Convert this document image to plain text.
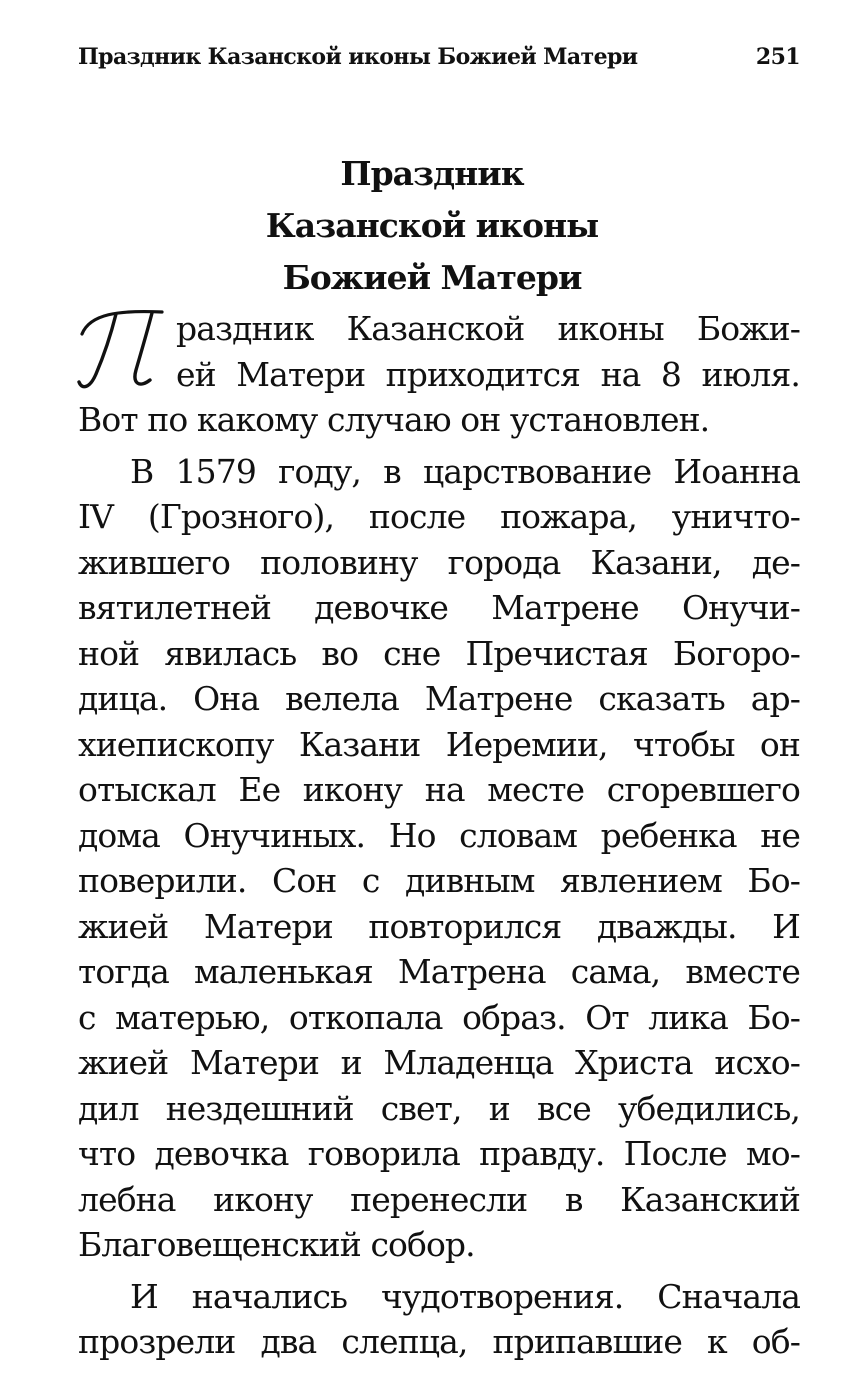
Праздник Казанской иконы Божией Матери	251
Праздник
Казанской иконы
Божией Матери
раздник Казанской иконы Божи-
ей Матери приходится на 8 июля.
Вот по какому случаю он установлен.
В 1579 году, в царствование Иоанна
IV (Грозного), после пожара, уничто-
жившего половину города Казани, де-
вятилетней девочке Матрене Онучи-
ной явилась во сне Пречистая Богоро-
дица. Она велела Матрене сказать ар-
хиепископу Казани Иеремии, чтобы он
отыскал Ее икону на месте сгоревшего
дома Онучиных. Но словам ребенка не
поверили. Сон с дивным явлением Бо-
жией Матери повторился дважды. И
тогда маленькая Матрена сама, вместе
с матерью, откопала образ. От лика Бо-
жией Матери и Младенца Христа исхо-
дил нездешний свет, и все убедились,
что девочка говорила правду. После мо-
лебна икону перенесли в Казанский
Благовещенский собор.
И начались чудотворения. Сначала
прозрели два слепца, припавшие к об-
